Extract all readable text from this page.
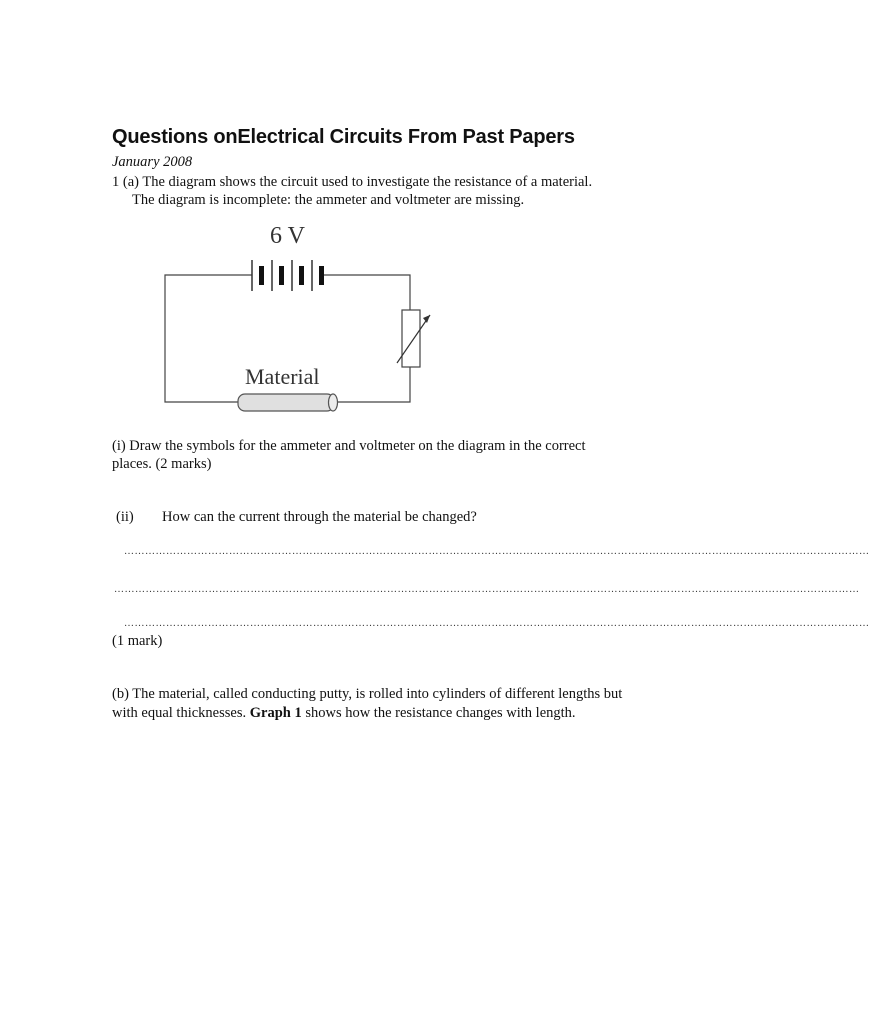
Questions onElectrical Circuits From Past Papers
January 2008
1 (a) The diagram shows the circuit used to investigate the resistance of a material.
The diagram is incomplete: the ammeter and voltmeter are missing.
6 V
Material
(i) Draw the symbols for the ammeter and voltmeter on the diagram in the correct
places. (2 marks)
(ii) How can the current through the material be changed?
……………………………………………………………………………………………………………………………………………………………………………………………
……………………………………………………………………………………………………………………………………………………………………………………………
……………………………………………………………………………………………………………………………………………………………………………………………
(1 mark)
(b) The material, called conducting putty, is rolled into cylinders of different lengths but
with equal thicknesses. Graph 1 shows how the resistance changes with length.
